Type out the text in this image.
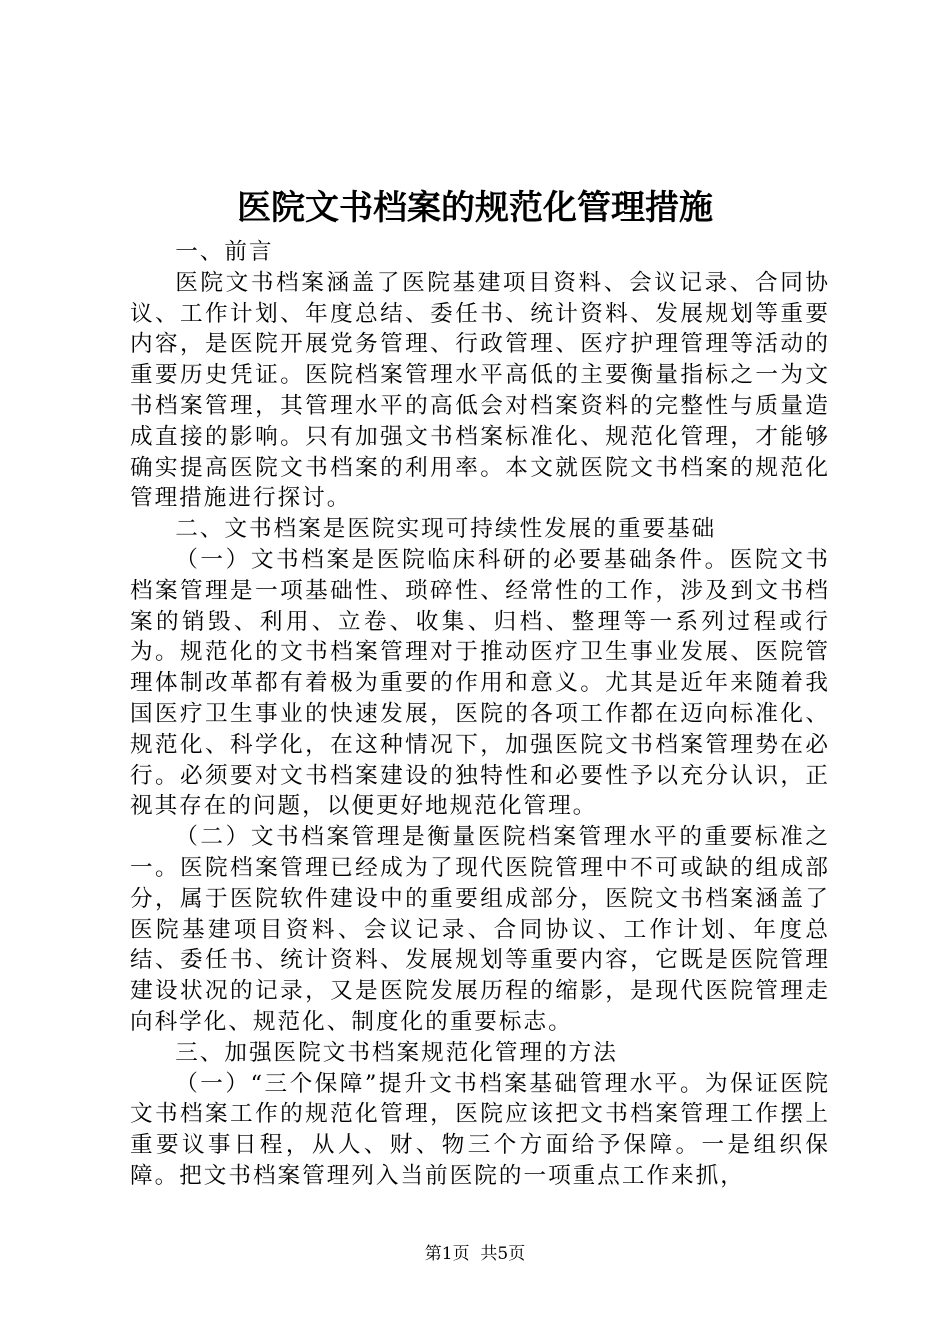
医院文书档案的规范化管理措施

一、前言

医院文书档案涵盖了医院基建项目资料、会议记录、合同协议、工作计划、年度总结、委任书、统计资料、发展规划等重要内容，是医院开展党务管理、行政管理、医疗护理管理等活动的重要历史凭证。医院档案管理水平高低的主要衡量指标之一为文书档案管理，其管理水平的高低会对档案资料的完整性与质量造成直接的影响。只有加强文书档案标准化、规范化管理，才能够确实提高医院文书档案的利用率。本文就医院文书档案的规范化管理措施进行探讨。

二、文书档案是医院实现可持续性发展的重要基础

（一）文书档案是医院临床科研的必要基础条件。医院文书档案管理是一项基础性、琐碎性、经常性的工作，涉及到文书档案的销毁、利用、立卷、收集、归档、整理等一系列过程或行为。规范化的文书档案管理对于推动医疗卫生事业发展、医院管理体制改革都有着极为重要的作用和意义。尤其是近年来随着我国医疗卫生事业的快速发展，医院的各项工作都在迈向标准化、规范化、科学化，在这种情况下，加强医院文书档案管理势在必行。必须要对文书档案建设的独特性和必要性予以充分认识，正视其存在的问题，以便更好地规范化管理。

（二）文书档案管理是衡量医院档案管理水平的重要标准之一。医院档案管理已经成为了现代医院管理中不可或缺的组成部分，属于医院软件建设中的重要组成部分，医院文书档案涵盖了医院基建项目资料、会议记录、合同协议、工作计划、年度总结、委任书、统计资料、发展规划等重要内容，它既是医院管理建设状况的记录，又是医院发展历程的缩影，是现代医院管理走向科学化、规范化、制度化的重要标志。

三、加强医院文书档案规范化管理的方法

（一）“三个保障”提升文书档案基础管理水平。为保证医院文书档案工作的规范化管理，医院应该把文书档案管理工作摆上重要议事日程，从人、财、物三个方面给予保障。一是组织保障。把文书档案管理列入当前医院的一项重点工作来抓，

第1页  共5页
